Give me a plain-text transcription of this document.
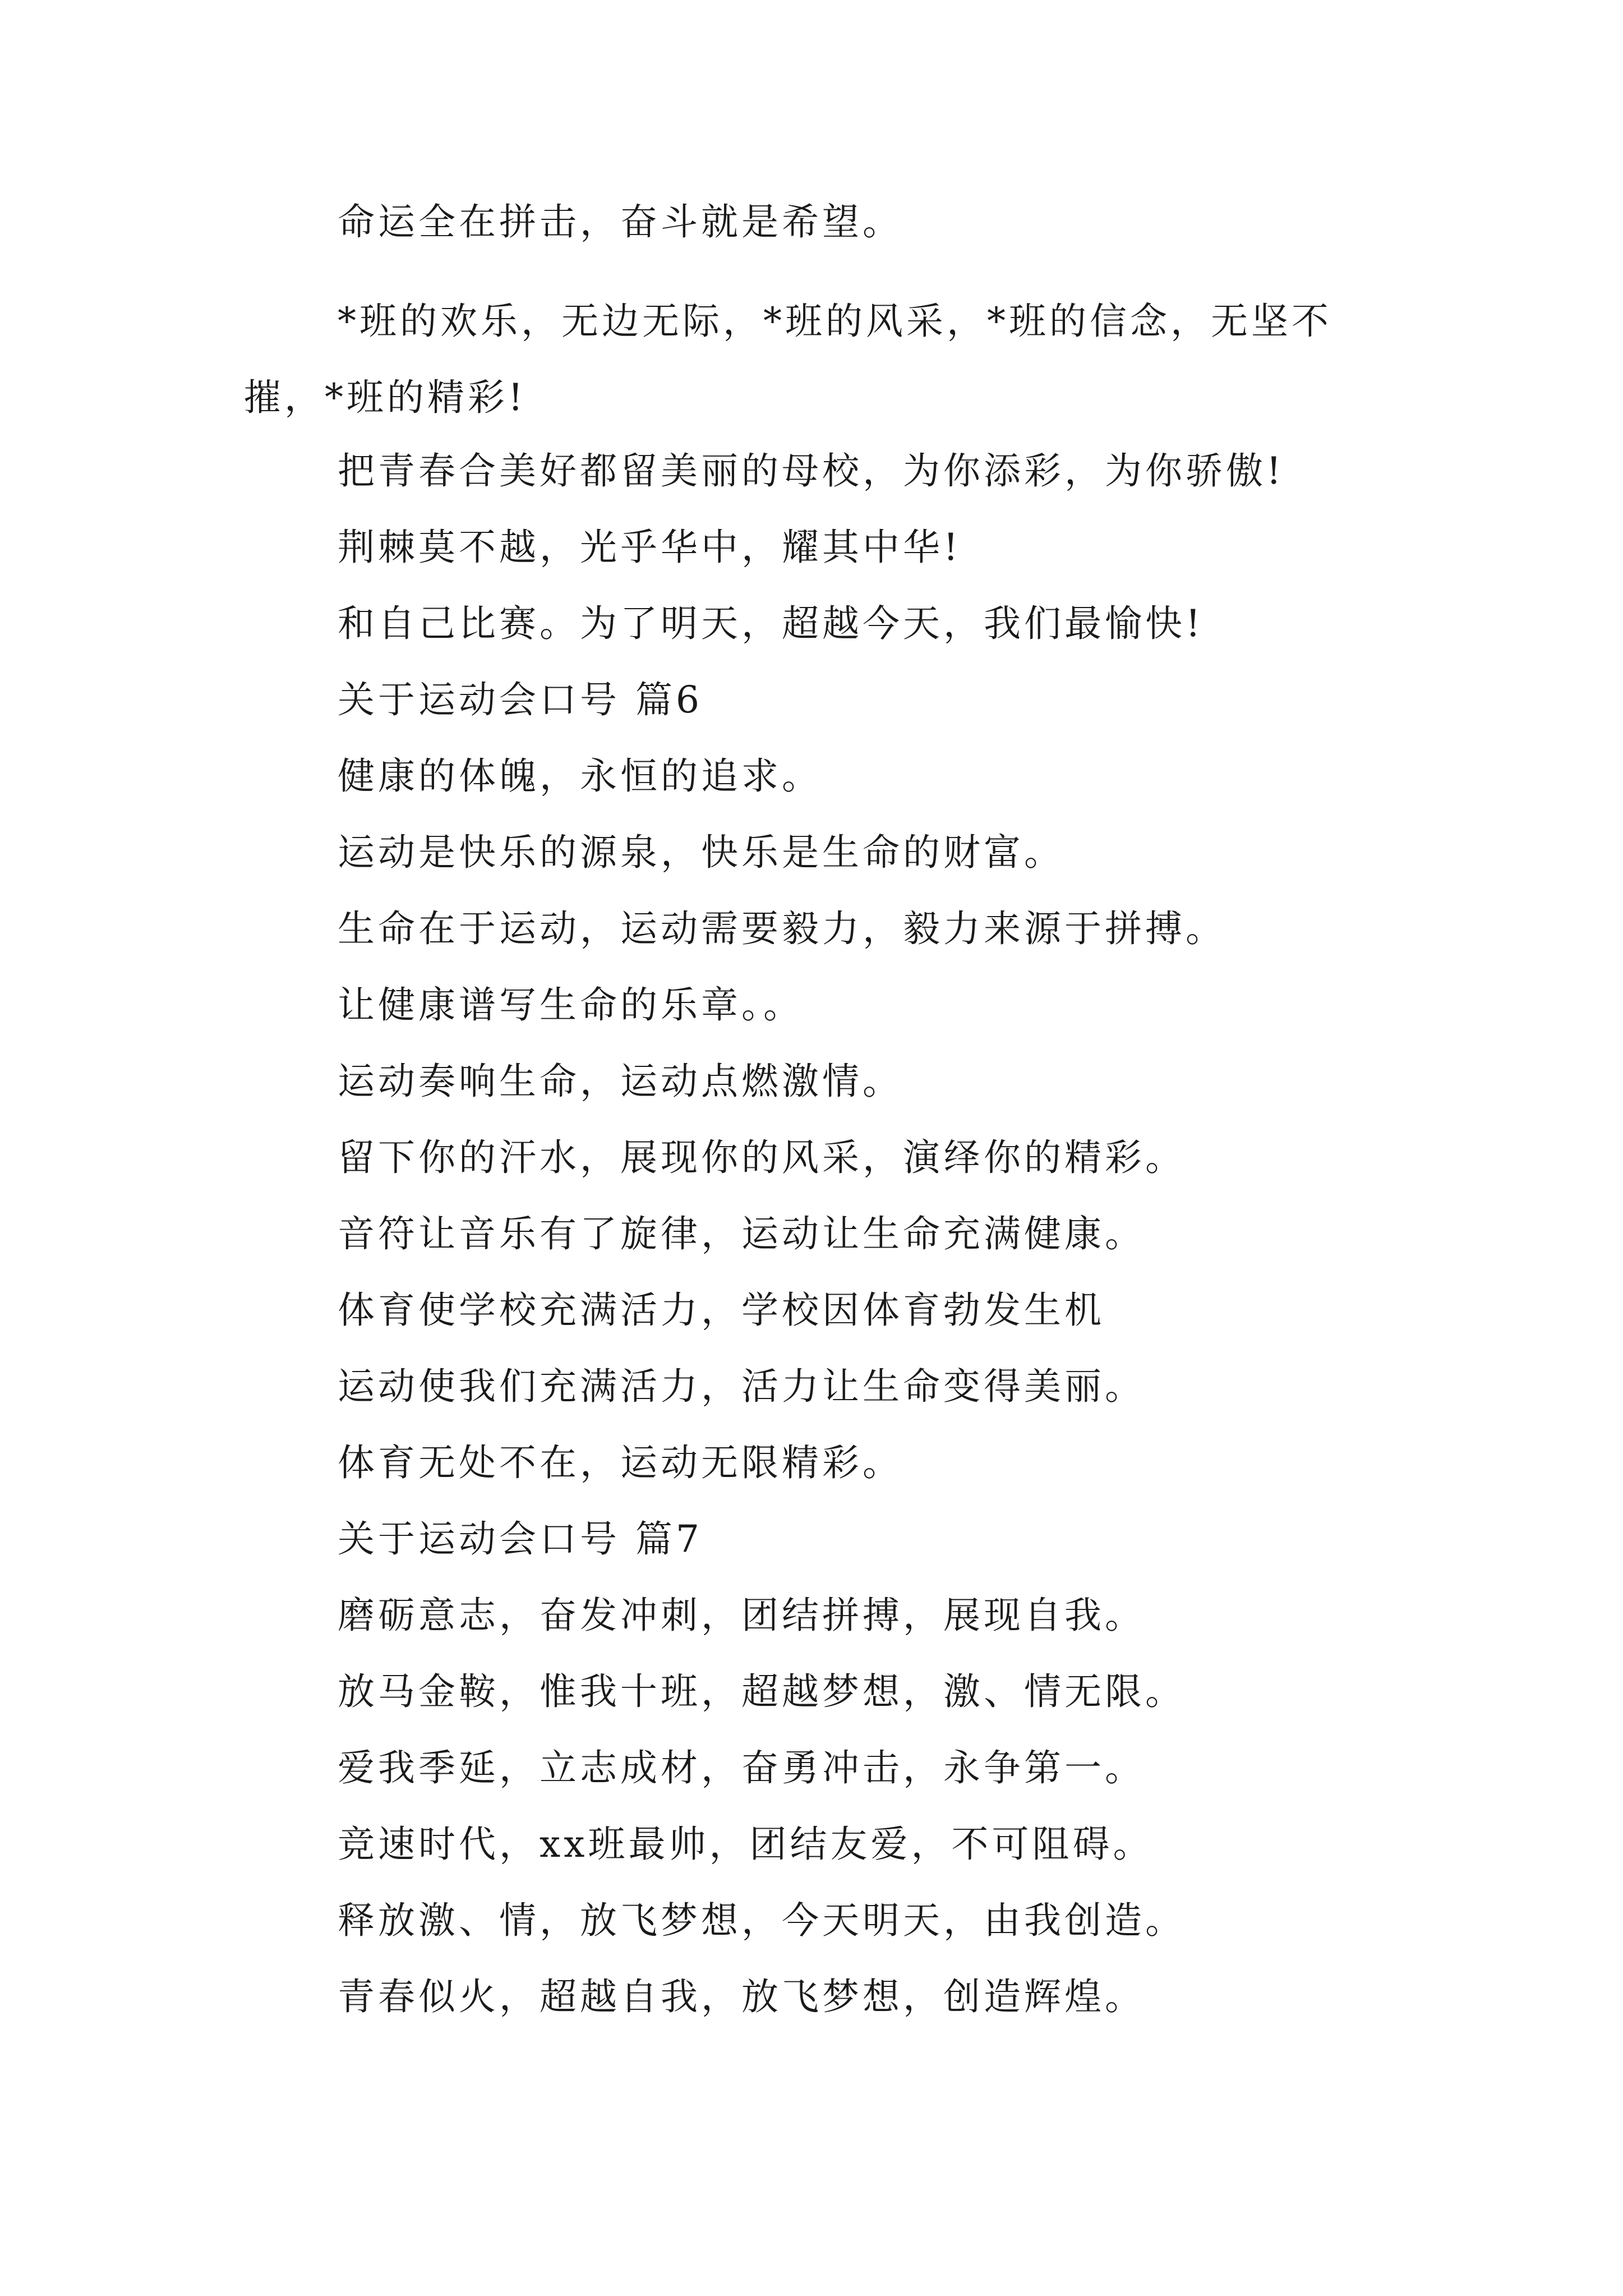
命运全在拼击，奋斗就是希望。

*班的欢乐，无边无际，*班的风采，*班的信念，无坚不摧，*班的精彩!

把青春合美好都留美丽的母校，为你添彩，为你骄傲!

荆棘莫不越，光乎华中，耀其中华!

和自己比赛。为了明天，超越今天，我们最愉快!

关于运动会口号 篇6

健康的体魄，永恒的追求。

运动是快乐的源泉，快乐是生命的财富。

生命在于运动，运动需要毅力，毅力来源于拼搏。

让健康谱写生命的乐章。。

运动奏响生命，运动点燃激情。

留下你的汗水，展现你的风采，演绎你的精彩。

音符让音乐有了旋律，运动让生命充满健康。

体育使学校充满活力，学校因体育勃发生机

运动使我们充满活力，活力让生命变得美丽。

体育无处不在，运动无限精彩。

关于运动会口号 篇7

磨砺意志，奋发冲刺，团结拼搏，展现自我。

放马金鞍，惟我十班，超越梦想，激、情无限。

爱我季延，立志成材，奋勇冲击，永争第一。

竞速时代，xx班最帅，团结友爱，不可阻碍。

释放激、情，放飞梦想，今天明天，由我创造。

青春似火，超越自我，放飞梦想，创造辉煌。
